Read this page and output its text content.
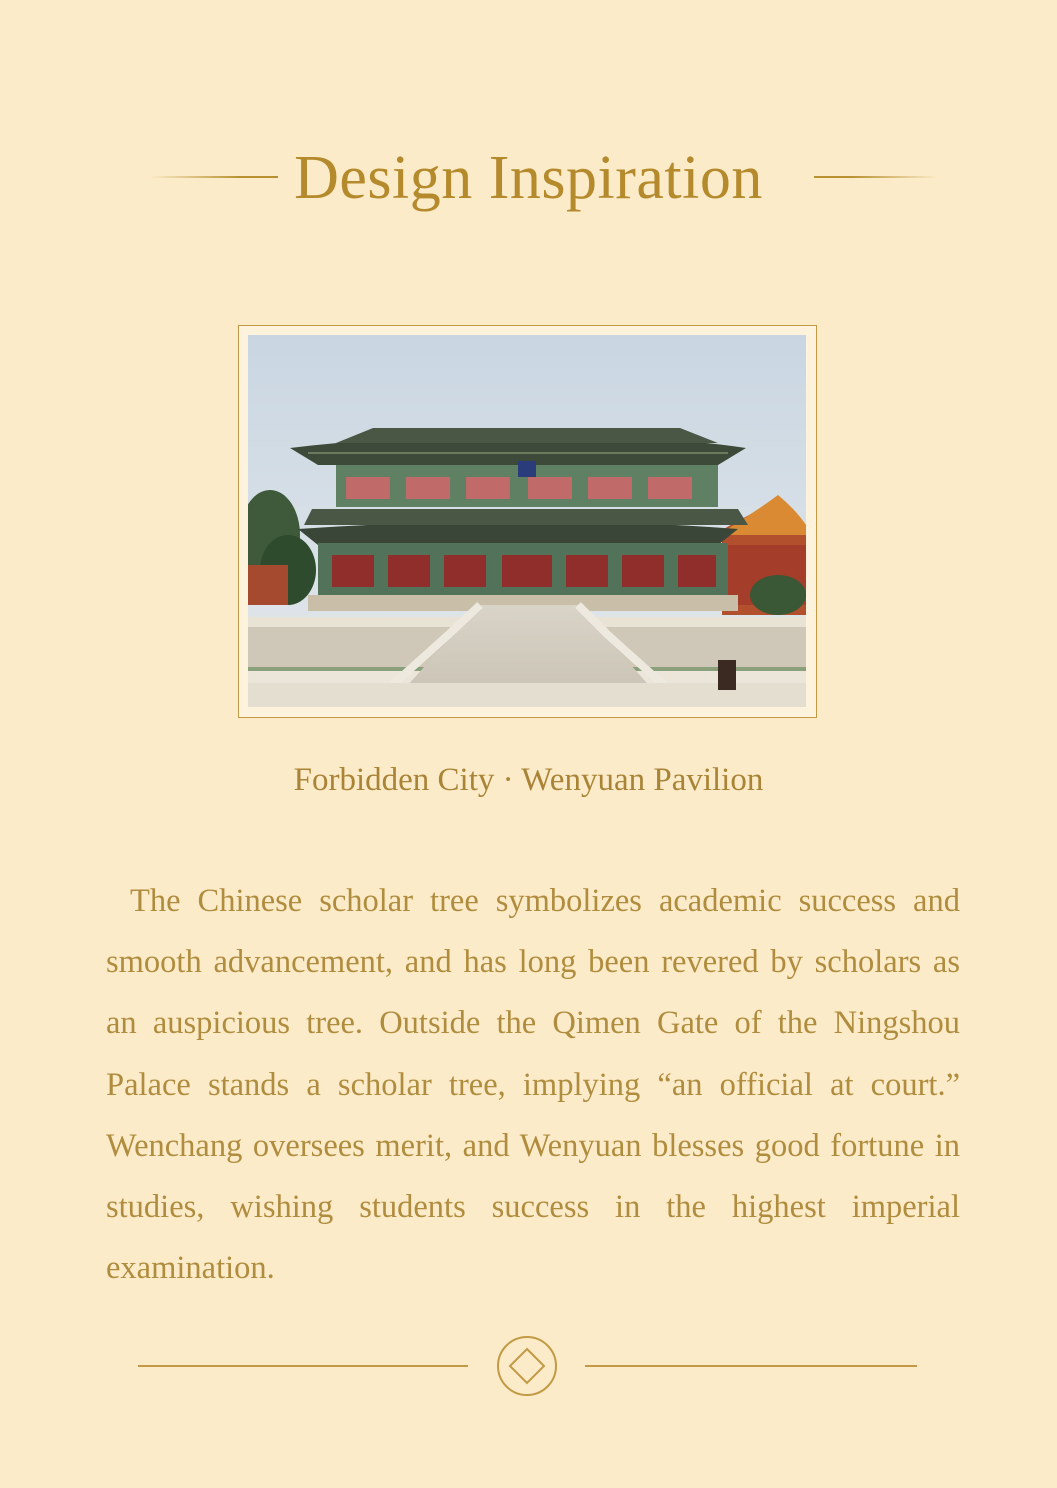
Design Inspiration
Forbidden City · Wenyuan Pavilion

The Chinese scholar tree symbolizes academic success and smooth advancement, and has long been revered by scholars as an auspicious tree. Outside the Qimen Gate of the Ningshou Palace stands a scholar tree, implying “an official at court.” Wenchang oversees merit, and Wenyuan blesses good fortune in studies, wishing students success in the highest imperial examination.
